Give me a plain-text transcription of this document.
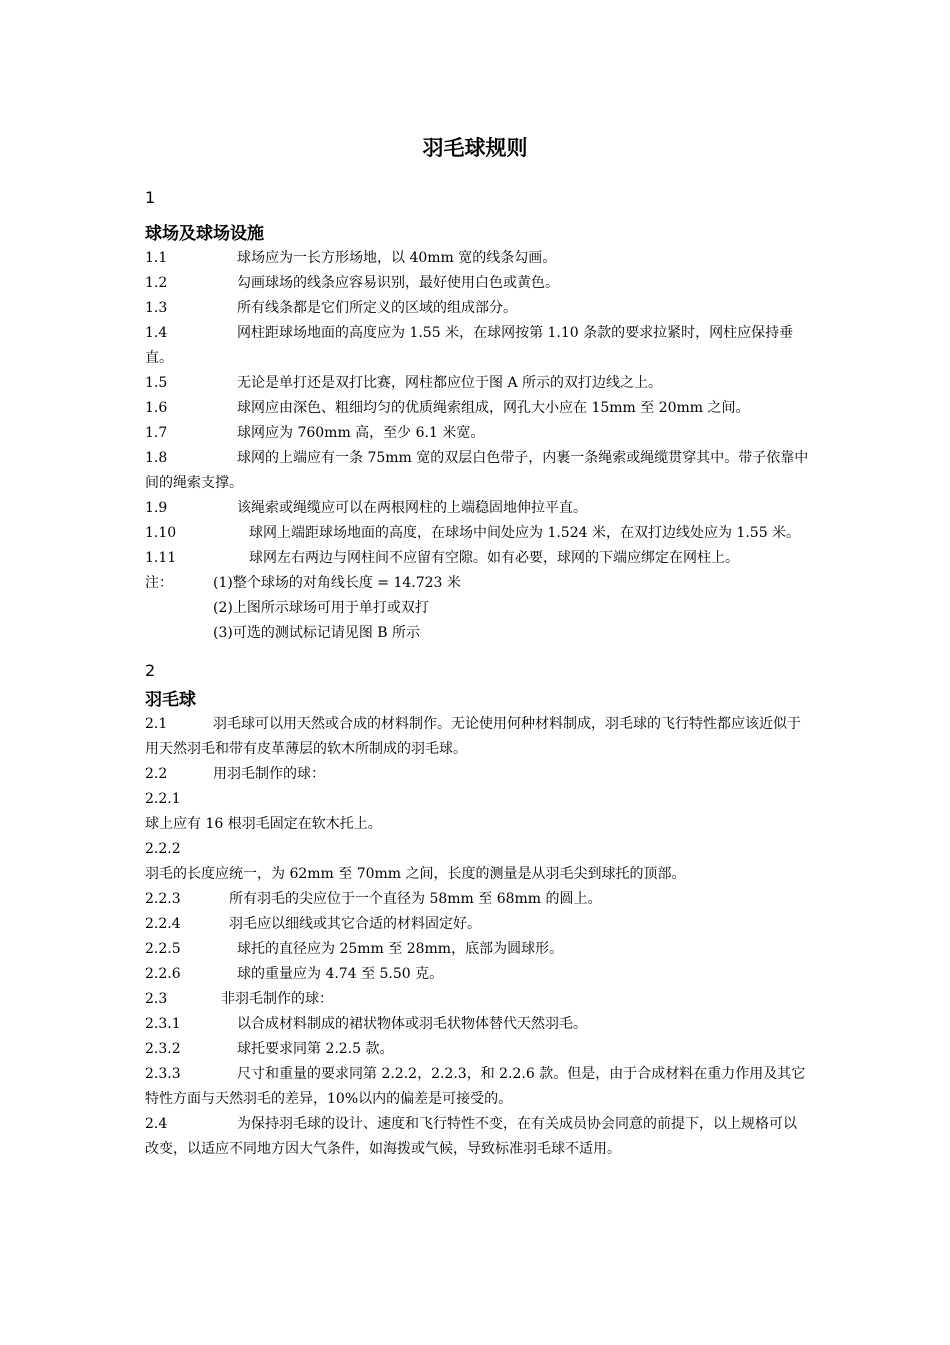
羽毛球规则
1
球场及球场设施

1.1	球场应为一长方形场地，以 40mm 宽的线条勾画。

1.2	勾画球场的线条应容易识别，最好使用白色或黄色。

1.3	所有线条都是它们所定义的区域的组成部分。

1.4	网柱距球场地面的高度应为 1.55 米，在球网按第 1.10 条款的要求拉紧时，网柱应保持垂直。

1.5	无论是单打还是双打比赛，网柱都应位于图 A 所示的双打边线之上。

1.6	球网应由深色、粗细均匀的优质绳索组成，网孔大小应在 15mm 至 20mm 之间。

1.7	球网应为 760mm 高，至少 6.1 米宽。

1.8	球网的上端应有一条 75mm 宽的双层白色带子，内裹一条绳索或绳缆贯穿其中。带子依靠中间的绳索支撑。

1.9	该绳索或绳缆应可以在两根网柱的上端稳固地伸拉平直。

1.10	球网上端距球场地面的高度，在球场中间处应为 1.524 米，在双打边线处应为 1.55 米。

1.11	球网左右两边与网柱间不应留有空隙。如有必要，球网的下端应绑定在网柱上。

注：	(1)整个球场的对角线长度 = 14.723 米

(2)上图所示球场可用于单打或双打

(3)可选的测试标记请见图 B 所示

2
羽毛球

2.1	羽毛球可以用天然或合成的材料制作。无论使用何种材料制成，羽毛球的飞行特性都应该近似于用天然羽毛和带有皮革薄层的软木所制成的羽毛球。

2.2	用羽毛制作的球：

2.2.1

球上应有 16 根羽毛固定在软木托上。

2.2.2

羽毛的长度应统一，为 62mm 至 70mm 之间，长度的测量是从羽毛尖到球托的顶部。

2.2.3	所有羽毛的尖应位于一个直径为 58mm 至 68mm 的圆上。

2.2.4	羽毛应以细线或其它合适的材料固定好。

2.2.5	球托的直径应为 25mm 至 28mm，底部为圆球形。

2.2.6	球的重量应为 4.74 至 5.50 克。

2.3	非羽毛制作的球：

2.3.1	以合成材料制成的裙状物体或羽毛状物体替代天然羽毛。

2.3.2	球托要求同第 2.2.5 款。

2.3.3	尺寸和重量的要求同第 2.2.2，2.2.3，和 2.2.6 款。但是，由于合成材料在重力作用及其它特性方面与天然羽毛的差异，10%以内的偏差是可接受的。

2.4	为保持羽毛球的设计、速度和飞行特性不变，在有关成员协会同意的前提下，以上规格可以改变，以适应不同地方因大气条件，如海拨或气候，导致标准羽毛球不适用。
